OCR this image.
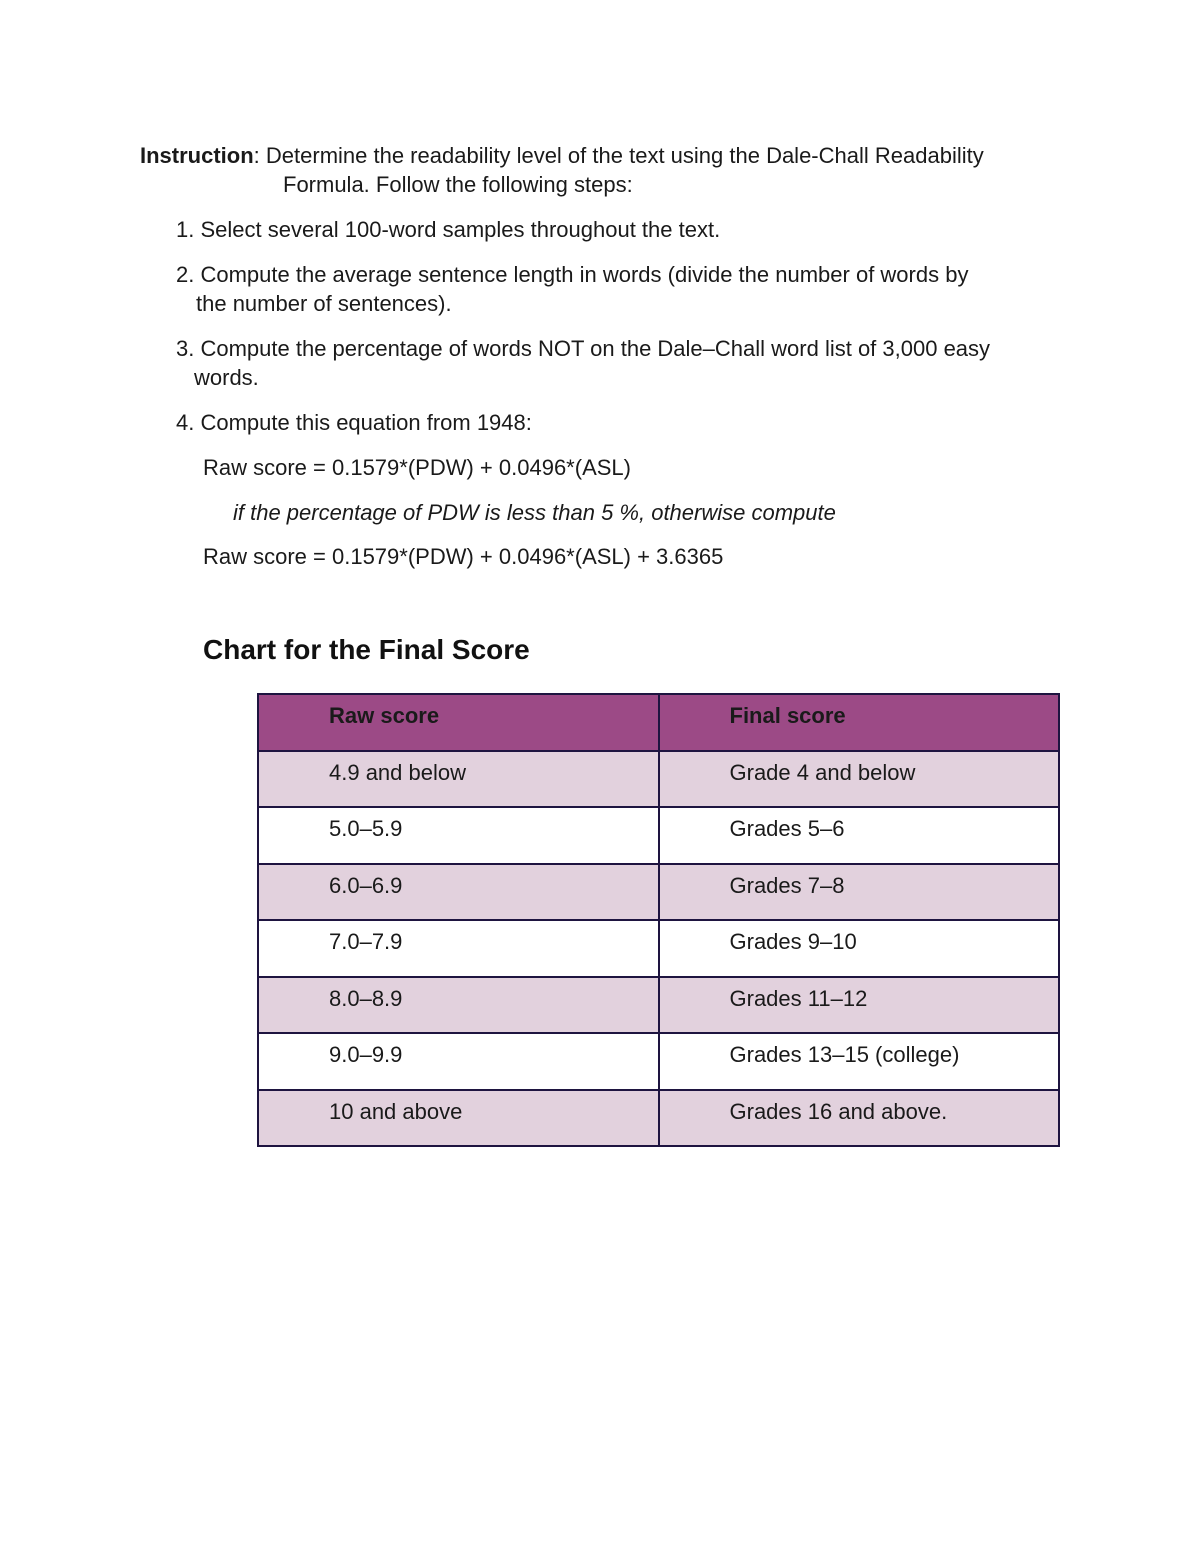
Instruction: Determine the readability level of the text using the Dale-Chall Readability
Formula. Follow the following steps:
1. Select several 100-word samples throughout the text.
2. Compute the average sentence length in words (divide the number of words by
the number of sentences).
3. Compute the percentage of words NOT on the Dale–Chall word list of 3,000 easy
words.
4. Compute this equation from 1948:
Raw score = 0.1579*(PDW) + 0.0496*(ASL)
if the percentage of PDW is less than 5 %, otherwise compute
Raw score = 0.1579*(PDW) + 0.0496*(ASL) + 3.6365
Chart for the Final Score
Raw score	Final score
4.9 and below	Grade 4 and below
5.0–5.9	Grades 5–6
6.0–6.9	Grades 7–8
7.0–7.9	Grades 9–10
8.0–8.9	Grades 11–12
9.0–9.9	Grades 13–15 (college)
10 and above	Grades 16 and above.
